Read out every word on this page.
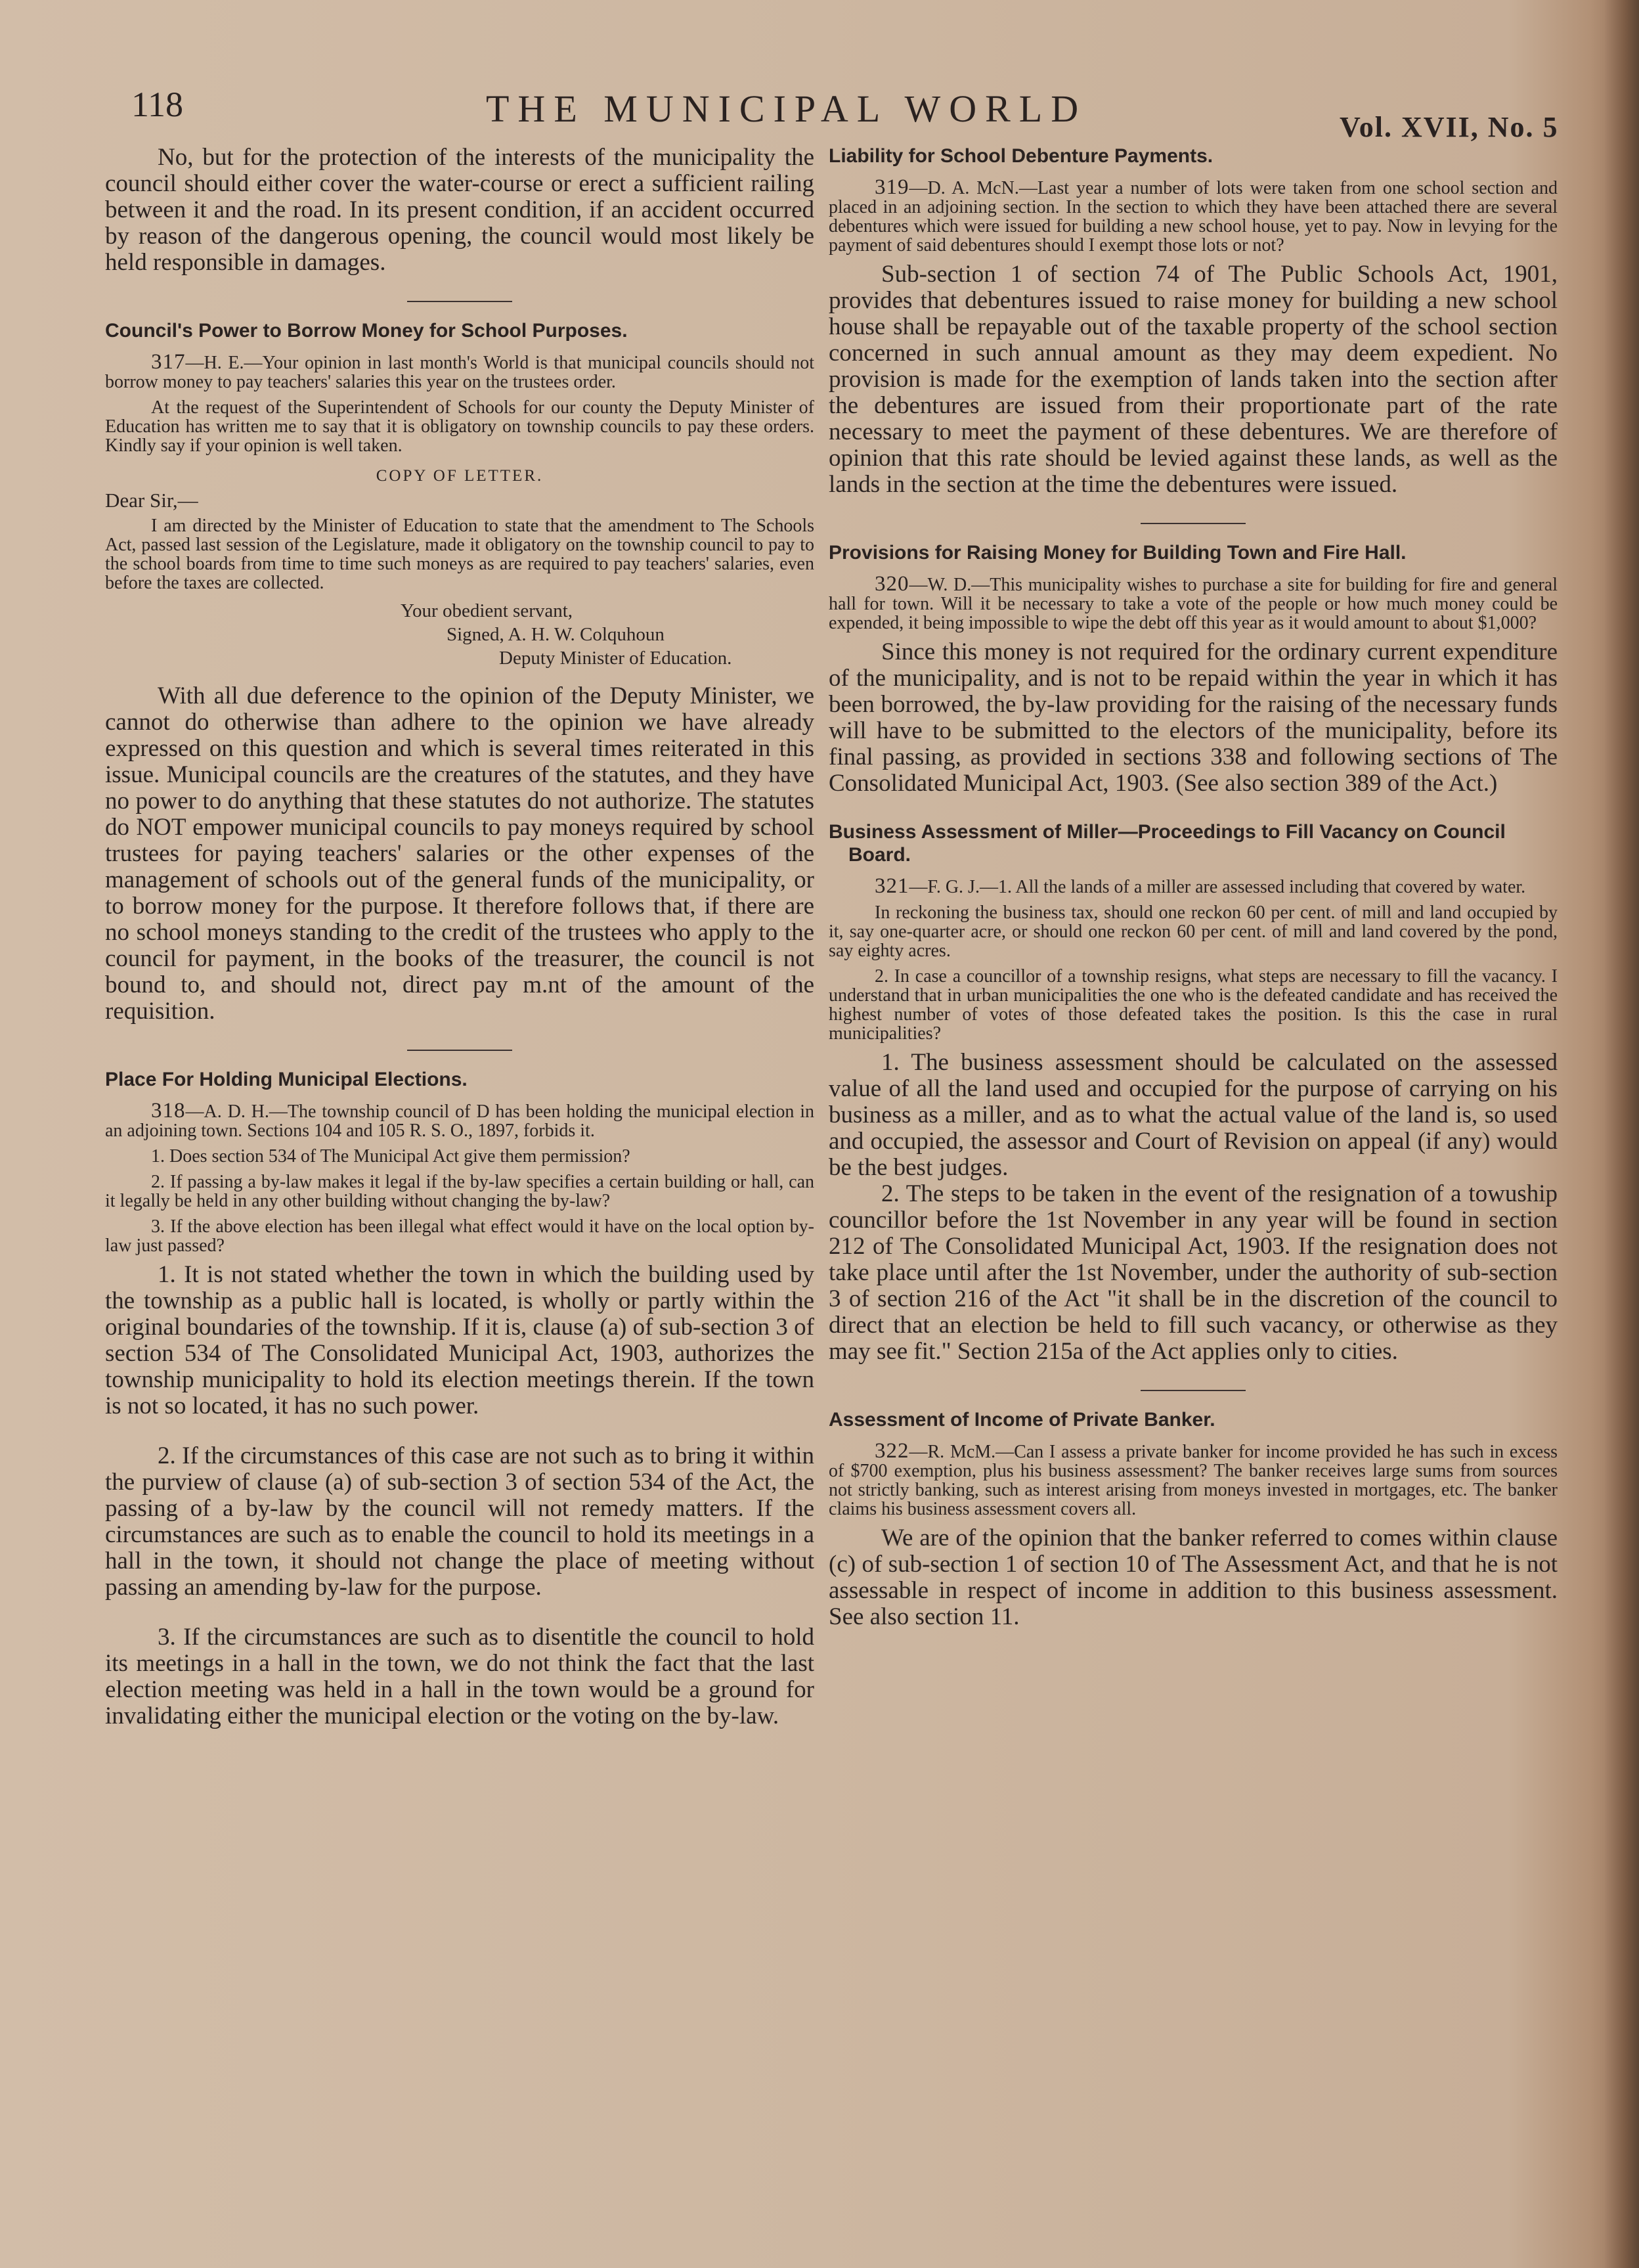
118	THE MUNICIPAL WORLD	Vol. XVII, No. 5

No, but for the protection of the interests of the municipality the council should either cover the water-course or erect a sufficient railing between it and the road. In its present condition, if an accident occurred by reason of the dangerous opening, the council would most likely be held responsible in damages.

Council's Power to Borrow Money for School Purposes.

317—H. E.—Your opinion in last month's World is that municipal councils should not borrow money to pay teachers' salaries this year on the trustees order.

At the request of the Superintendent of Schools for our county the Deputy Minister of Education has written me to say that it is obligatory on township councils to pay these orders. Kindly say if your opinion is well taken.

COPY OF LETTER.

Dear Sir,—

I am directed by the Minister of Education to state that the amendment to The Schools Act, passed last session of the Legislature, made it obligatory on the township council to pay to the school boards from time to time such moneys as are required to pay teachers' salaries, even before the taxes are collected.

Your obedient servant,

Signed, A. H. W. Colquhoun

Deputy Minister of Education.

With all due deference to the opinion of the Deputy Minister, we cannot do otherwise than adhere to the opinion we have already expressed on this question and which is several times reiterated in this issue. Municipal councils are the creatures of the statutes, and they have no power to do anything that these statutes do not authorize. The statutes do NOT empower municipal councils to pay moneys required by school trustees for paying teachers' salaries or the other expenses of the management of schools out of the general funds of the municipality, or to borrow money for the purpose. It therefore follows that, if there are no school moneys standing to the credit of the trustees who apply to the council for payment, in the books of the treasurer, the council is not bound to, and should not, direct pay m.nt of the amount of the requisition.

Place For Holding Municipal Elections.

318—A. D. H.—The township council of D has been holding the municipal election in an adjoining town. Sections 104 and 105 R. S. O., 1897, forbids it.

1. Does section 534 of The Municipal Act give them permission?

2. If passing a by-law makes it legal if the by-law specifies a certain building or hall, can it legally be held in any other building without changing the by-law?

3. If the above election has been illegal what effect would it have on the local option by-law just passed?

1. It is not stated whether the town in which the building used by the township as a public hall is located, is wholly or partly within the original boundaries of the township. If it is, clause (a) of sub-section 3 of section 534 of The Consolidated Municipal Act, 1903, authorizes the township municipality to hold its election meetings therein. If the town is not so located, it has no such power.

2. If the circumstances of this case are not such as to bring it within the purview of clause (a) of sub-section 3 of section 534 of the Act, the passing of a by-law by the council will not remedy matters. If the circumstances are such as to enable the council to hold its meetings in a hall in the town, it should not change the place of meeting without passing an amending by-law for the purpose.

3. If the circumstances are such as to disentitle the council to hold its meetings in a hall in the town, we do not think the fact that the last election meeting was held in a hall in the town would be a ground for invalidating either the municipal election or the voting on the by-law.

Liability for School Debenture Payments.

319—D. A. McN.—Last year a number of lots were taken from one school section and placed in an adjoining section. In the section to which they have been attached there are several debentures which were issued for building a new school house, yet to pay. Now in levying for the payment of said debentures should I exempt those lots or not?

Sub-section 1 of section 74 of The Public Schools Act, 1901, provides that debentures issued to raise money for building a new school house shall be repayable out of the taxable property of the school section concerned in such annual amount as they may deem expedient. No provision is made for the exemption of lands taken into the section after the debentures are issued from their proportionate part of the rate necessary to meet the payment of these debentures. We are therefore of opinion that this rate should be levied against these lands, as well as the lands in the section at the time the debentures were issued.

Provisions for Raising Money for Building Town and Fire Hall.

320—W. D.—This municipality wishes to purchase a site for building for fire and general hall for town. Will it be necessary to take a vote of the people or how much money could be expended, it being impossible to wipe the debt off this year as it would amount to about $1,000?

Since this money is not required for the ordinary current expenditure of the municipality, and is not to be repaid within the year in which it has been borrowed, the by-law providing for the raising of the necessary funds will have to be submitted to the electors of the municipality, before its final passing, as provided in sections 338 and following sections of The Consolidated Municipal Act, 1903. (See also section 389 of the Act.)

Business Assessment of Miller—Proceedings to Fill Vacancy on Council Board.

321—F. G. J.—1. All the lands of a miller are assessed including that covered by water.

In reckoning the business tax, should one reckon 60 per cent. of mill and land occupied by it, say one-quarter acre, or should one reckon 60 per cent. of mill and land covered by the pond, say eighty acres.

2. In case a councillor of a township resigns, what steps are necessary to fill the vacancy. I understand that in urban municipalities the one who is the defeated candidate and has received the highest number of votes of those defeated takes the position. Is this the case in rural municipalities?

1. The business assessment should be calculated on the assessed value of all the land used and occupied for the purpose of carrying on his business as a miller, and as to what the actual value of the land is, so used and occupied, the assessor and Court of Revision on appeal (if any) would be the best judges.

2. The steps to be taken in the event of the resignation of a towuship councillor before the 1st November in any year will be found in section 212 of The Consolidated Municipal Act, 1903. If the resignation does not take place until after the 1st November, under the authority of sub-section 3 of section 216 of the Act "it shall be in the discretion of the council to direct that an election be held to fill such vacancy, or otherwise as they may see fit." Section 215a of the Act applies only to cities.

Assessment of Income of Private Banker.

322—R. McM.—Can I assess a private banker for income provided he has such in excess of $700 exemption, plus his business assessment? The banker receives large sums from sources not strictly banking, such as interest arising from moneys invested in mortgages, etc. The banker claims his business assessment covers all.

We are of the opinion that the banker referred to comes within clause (c) of sub-section 1 of section 10 of The Assessment Act, and that he is not assessable in respect of income in addition to this business assessment. See also section 11.
